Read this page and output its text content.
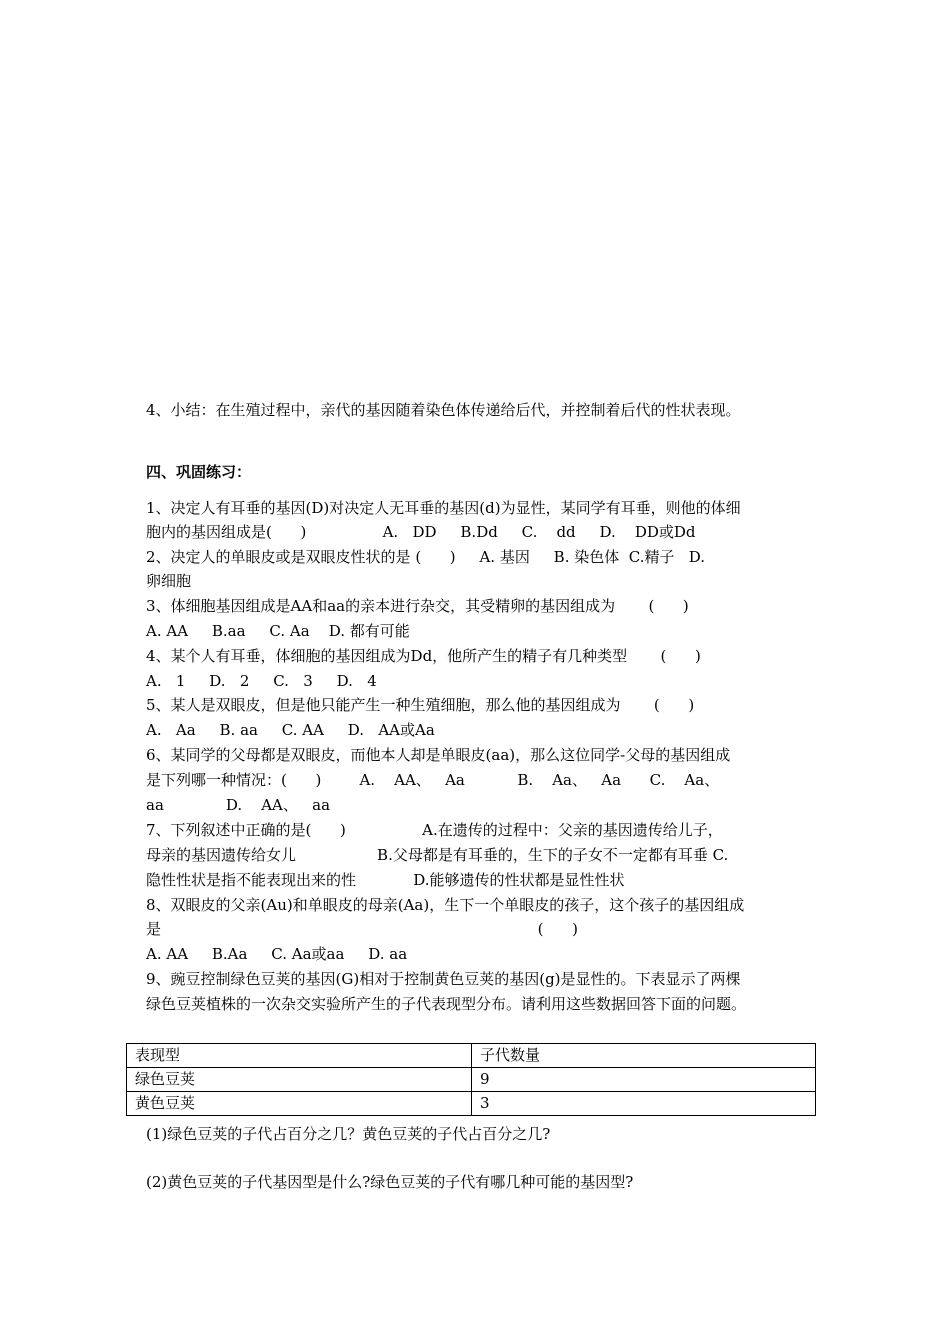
4、小结：在生殖过程中，亲代的基因随着染色体传递给后代，并控制着后代的性状表现。
四、巩固练习：
1、决定人有耳垂的基因(D)对决定人无耳垂的基因(d)为显性，某同学有耳垂，则他的体细
胞内的基因组成是(      )                A.   DD     B.Dd     C.    dd     D.    DD或Dd
2、决定人的单眼皮或是双眼皮性状的是 (      )     A. 基因     B. 染色体  C.精子   D.
卵细胞
3、体细胞基因组成是AA和aa的亲本进行杂交，其受精卵的基因组成为       (      )
A. AA     B.aa     C. Aa    D. 都有可能
4、某个人有耳垂，体细胞的基因组成为Dd，他所产生的精子有几种类型       (      )
A.   1     D.   2     C.   3     D.   4
5、某人是双眼皮，但是他只能产生一种生殖细胞，那么他的基因组成为       (      )
A.   Aa     B. aa     C. AA     D.   AA或Aa
6、某同学的父母都是双眼皮，而他本人却是单眼皮(aa)，那么这位同学-父母的基因组成
是下列哪一种情况：(      )        A.    AA、   Aa           B.    Aa、   Aa      C.    Aa、
aa             D.    AA、   aa
7、下列叙述中正确的是(      )                A.在遗传的过程中：父亲的基因遗传给儿子，
母亲的基因遗传给女儿                 B.父母都是有耳垂的，生下的子女不一定都有耳垂 C.
隐性性状是指不能表现出来的性            D.能够遗传的性状都是显性性状
8、双眼皮的父亲(Au)和单眼皮的母亲(Aa)，生下一个单眼皮的孩子，这个孩子的基因组成
是                                                                               (      )
A. AA     B.Aa     C. Aa或aa     D. aa
9、豌豆控制绿色豆荚的基因(G)相对于控制黄色豆荚的基因(g)是显性的。下表显示了两棵
绿色豆荚植株的一次杂交实验所产生的子代表现型分布。请利用这些数据回答下面的问题。
表现型	子代数量
绿色豆荚	9
黄色豆荚	3
(1)绿色豆荚的子代占百分之几？黄色豆荚的子代占百分之几?
(2)黄色豆荚的子代基因型是什么?绿色豆荚的子代有哪几种可能的基因型?
